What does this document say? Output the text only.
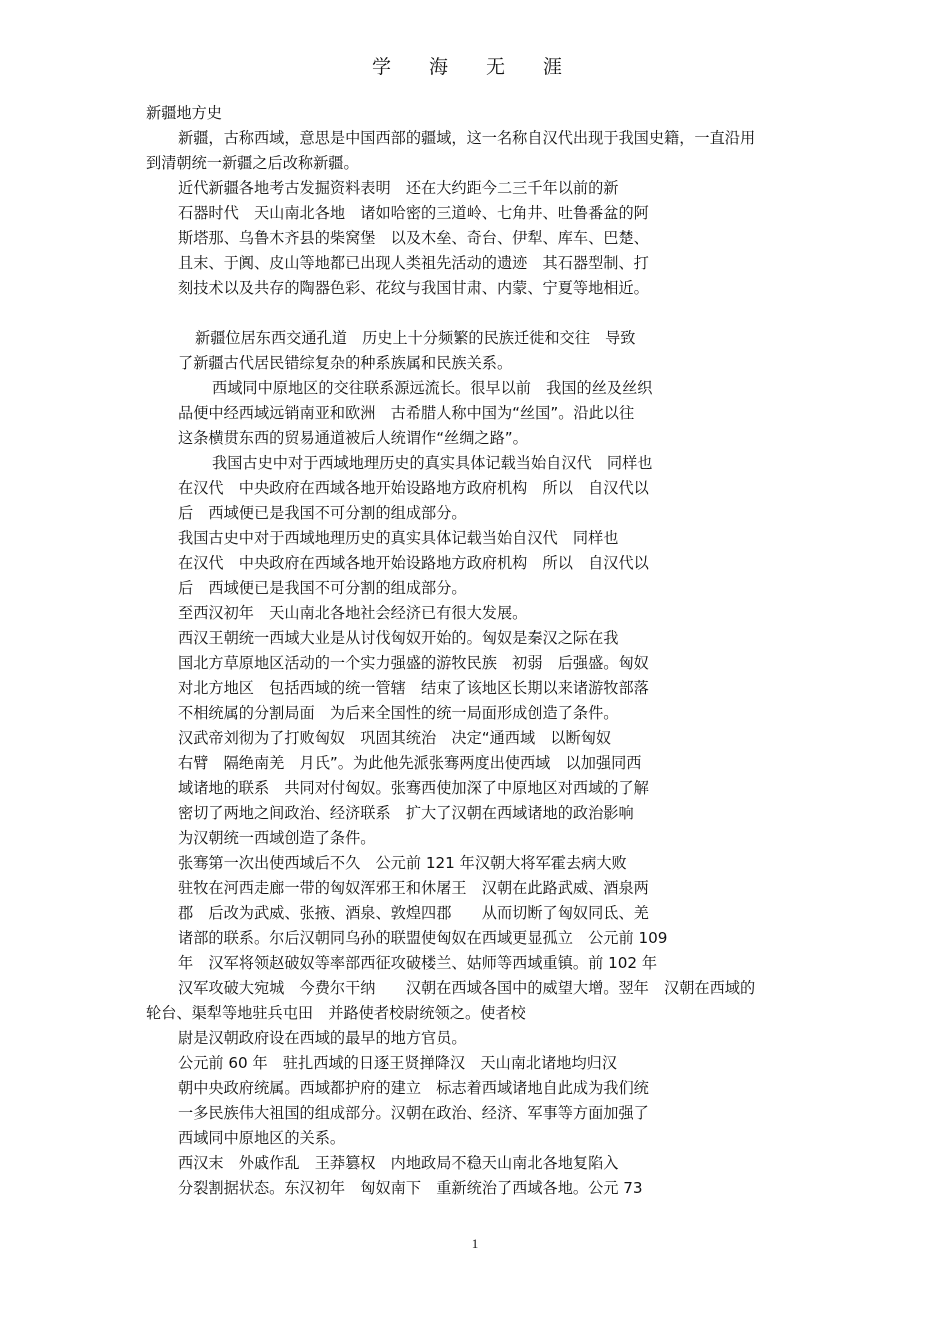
学 海 无 涯
新疆地方史
新疆，古称西域，意思是中国西部的疆域，这一名称自汉代出现于我国史籍，一直沿用
到清朝统一新疆之后改称新疆。
近代新疆各地考古发掘资料表明　还在大约距今二三千年以前的新
石器时代　天山南北各地　诸如哈密的三道岭、七角井、吐鲁番盆的阿
斯塔那、乌鲁木齐县的柴窝堡　以及木垒、奇台、伊犁、库车、巴楚、
且末、于阗、皮山等地都已出现人类祖先活动的遗迹　其石器型制、打
刻技术以及共存的陶器色彩、花纹与我国甘肃、内蒙、宁夏等地相近。
新疆位居东西交通孔道　历史上十分频繁的民族迁徙和交往　导致
了新疆古代居民错综复杂的种系族属和民族关系。
西域同中原地区的交往联系源远流长。很早以前　我国的丝及丝织
品便中经西域远销南亚和欧洲　古希腊人称中国为“丝国”。沿此以往
这条横贯东西的贸易通道被后人统谓作“丝绸之路”。
我国古史中对于西域地理历史的真实具体记载当始自汉代　同样也
在汉代　中央政府在西域各地开始设路地方政府机构　所以　自汉代以
后　西域便已是我国不可分割的组成部分。
我国古史中对于西域地理历史的真实具体记载当始自汉代　同样也
在汉代　中央政府在西域各地开始设路地方政府机构　所以　自汉代以
后　西域便已是我国不可分割的组成部分。
至西汉初年　天山南北各地社会经济已有很大发展。
西汉王朝统一西域大业是从讨伐匈奴开始的。匈奴是秦汉之际在我
国北方草原地区活动的一个实力强盛的游牧民族　初弱　后强盛。匈奴
对北方地区　包括西域的统一管辖　结束了该地区长期以来诸游牧部落
不相统属的分割局面　为后来全国性的统一局面形成创造了条件。
汉武帝刘彻为了打败匈奴　巩固其统治　决定“通西域　以断匈奴
右臂　隔绝南羌　月氏”。为此他先派张骞两度出使西域　以加强同西
域诸地的联系　共同对付匈奴。张骞西使加深了中原地区对西域的了解
密切了两地之间政治、经济联系　扩大了汉朝在西域诸地的政治影响
为汉朝统一西域创造了条件。
张骞第一次出使西域后不久　公元前 121 年汉朝大将军霍去病大败
驻牧在河西走廊一带的匈奴浑邪王和休屠王　汉朝在此路武威、酒泉两
郡　后改为武威、张掖、酒泉、敦煌四郡　　从而切断了匈奴同氐、羌
诸部的联系。尔后汉朝同乌孙的联盟使匈奴在西域更显孤立　公元前 109
年　汉军将领赵破奴等率部西征攻破楼兰、姑师等西域重镇。前 102 年
汉军攻破大宛城　今费尔干纳　　汉朝在西域各国中的威望大增。翌年　汉朝在西域的
轮台、渠犁等地驻兵屯田　并路使者校尉统领之。使者校
尉是汉朝政府设在西域的最早的地方官员。
公元前 60 年　驻扎西域的日逐王贤掸降汉　天山南北诸地均归汉
朝中央政府统属。西域都护府的建立　标志着西域诸地自此成为我们统
一多民族伟大祖国的组成部分。汉朝在政治、经济、军事等方面加强了
西域同中原地区的关系。
西汉末　外戚作乱　王莽篡权　内地政局不稳天山南北各地复陷入
分裂割据状态。东汉初年　匈奴南下　重新统治了西域各地。公元 73
1
